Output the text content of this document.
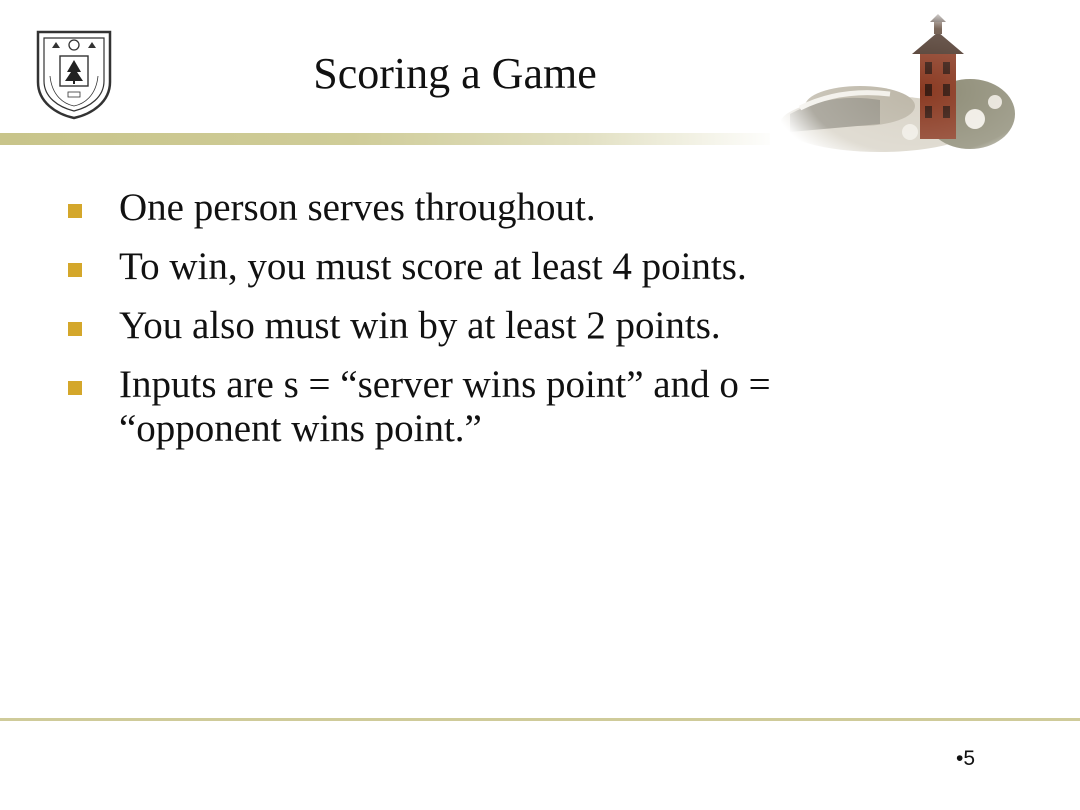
Scoring a Game
One person serves throughout.
To win, you must score at least 4 points.
You also must win by at least 2 points.
Inputs are s = “server wins point” and o = “opponent wins point.”
•5
